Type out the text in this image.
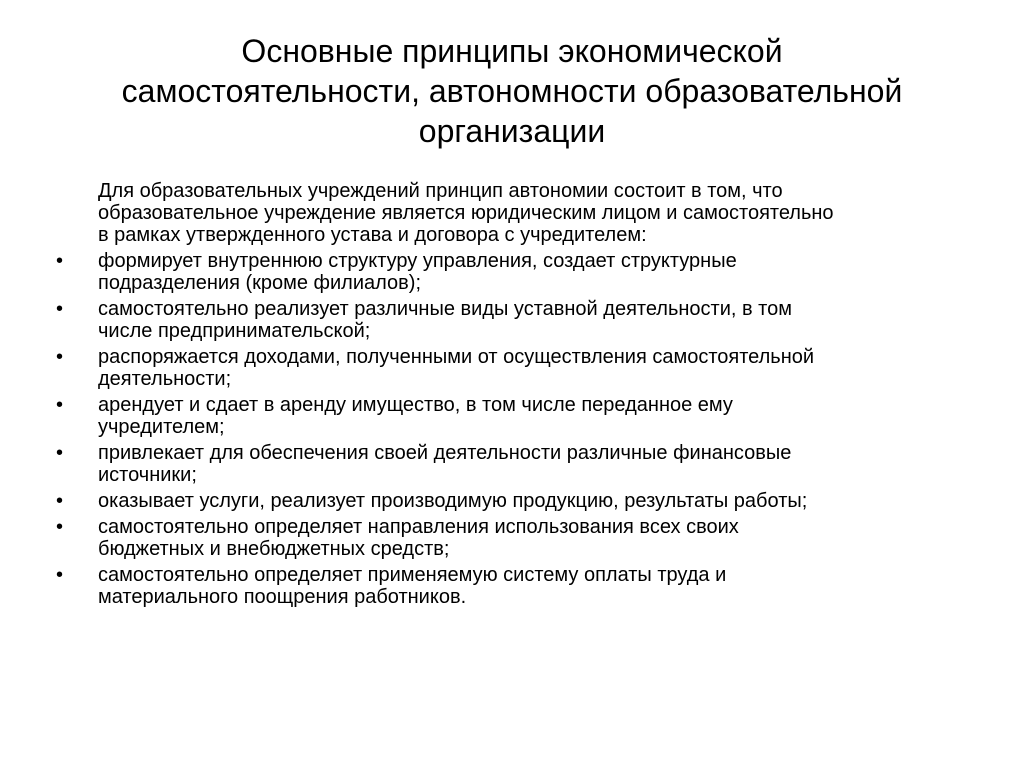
Основные принципы экономической
самостоятельности, автономности образовательной
организации

Для образовательных учреждений принцип автономии состоит в том, что
образовательное учреждение является юридическим лицом и самостоятельно
в рамках утвержденного устава и договора с учредителем:

•	формирует внутреннюю структуру управления, создает структурные
подразделения (кроме филиалов);
•	самостоятельно реализует различные виды уставной деятельности, в том
числе предпринимательской;
•	распоряжается доходами, полученными от осуществления самостоятельной
деятельности;
•	арендует и сдает в аренду имущество, в том числе переданное ему
учредителем;
•	привлекает для обеспечения своей деятельности различные финансовые
источники;
•	оказывает услуги, реализует производимую продукцию, результаты работы;
•	самостоятельно определяет направления использования всех своих
бюджетных и внебюджетных средств;
•	самостоятельно определяет применяемую систему оплаты труда и
материального поощрения работников.
